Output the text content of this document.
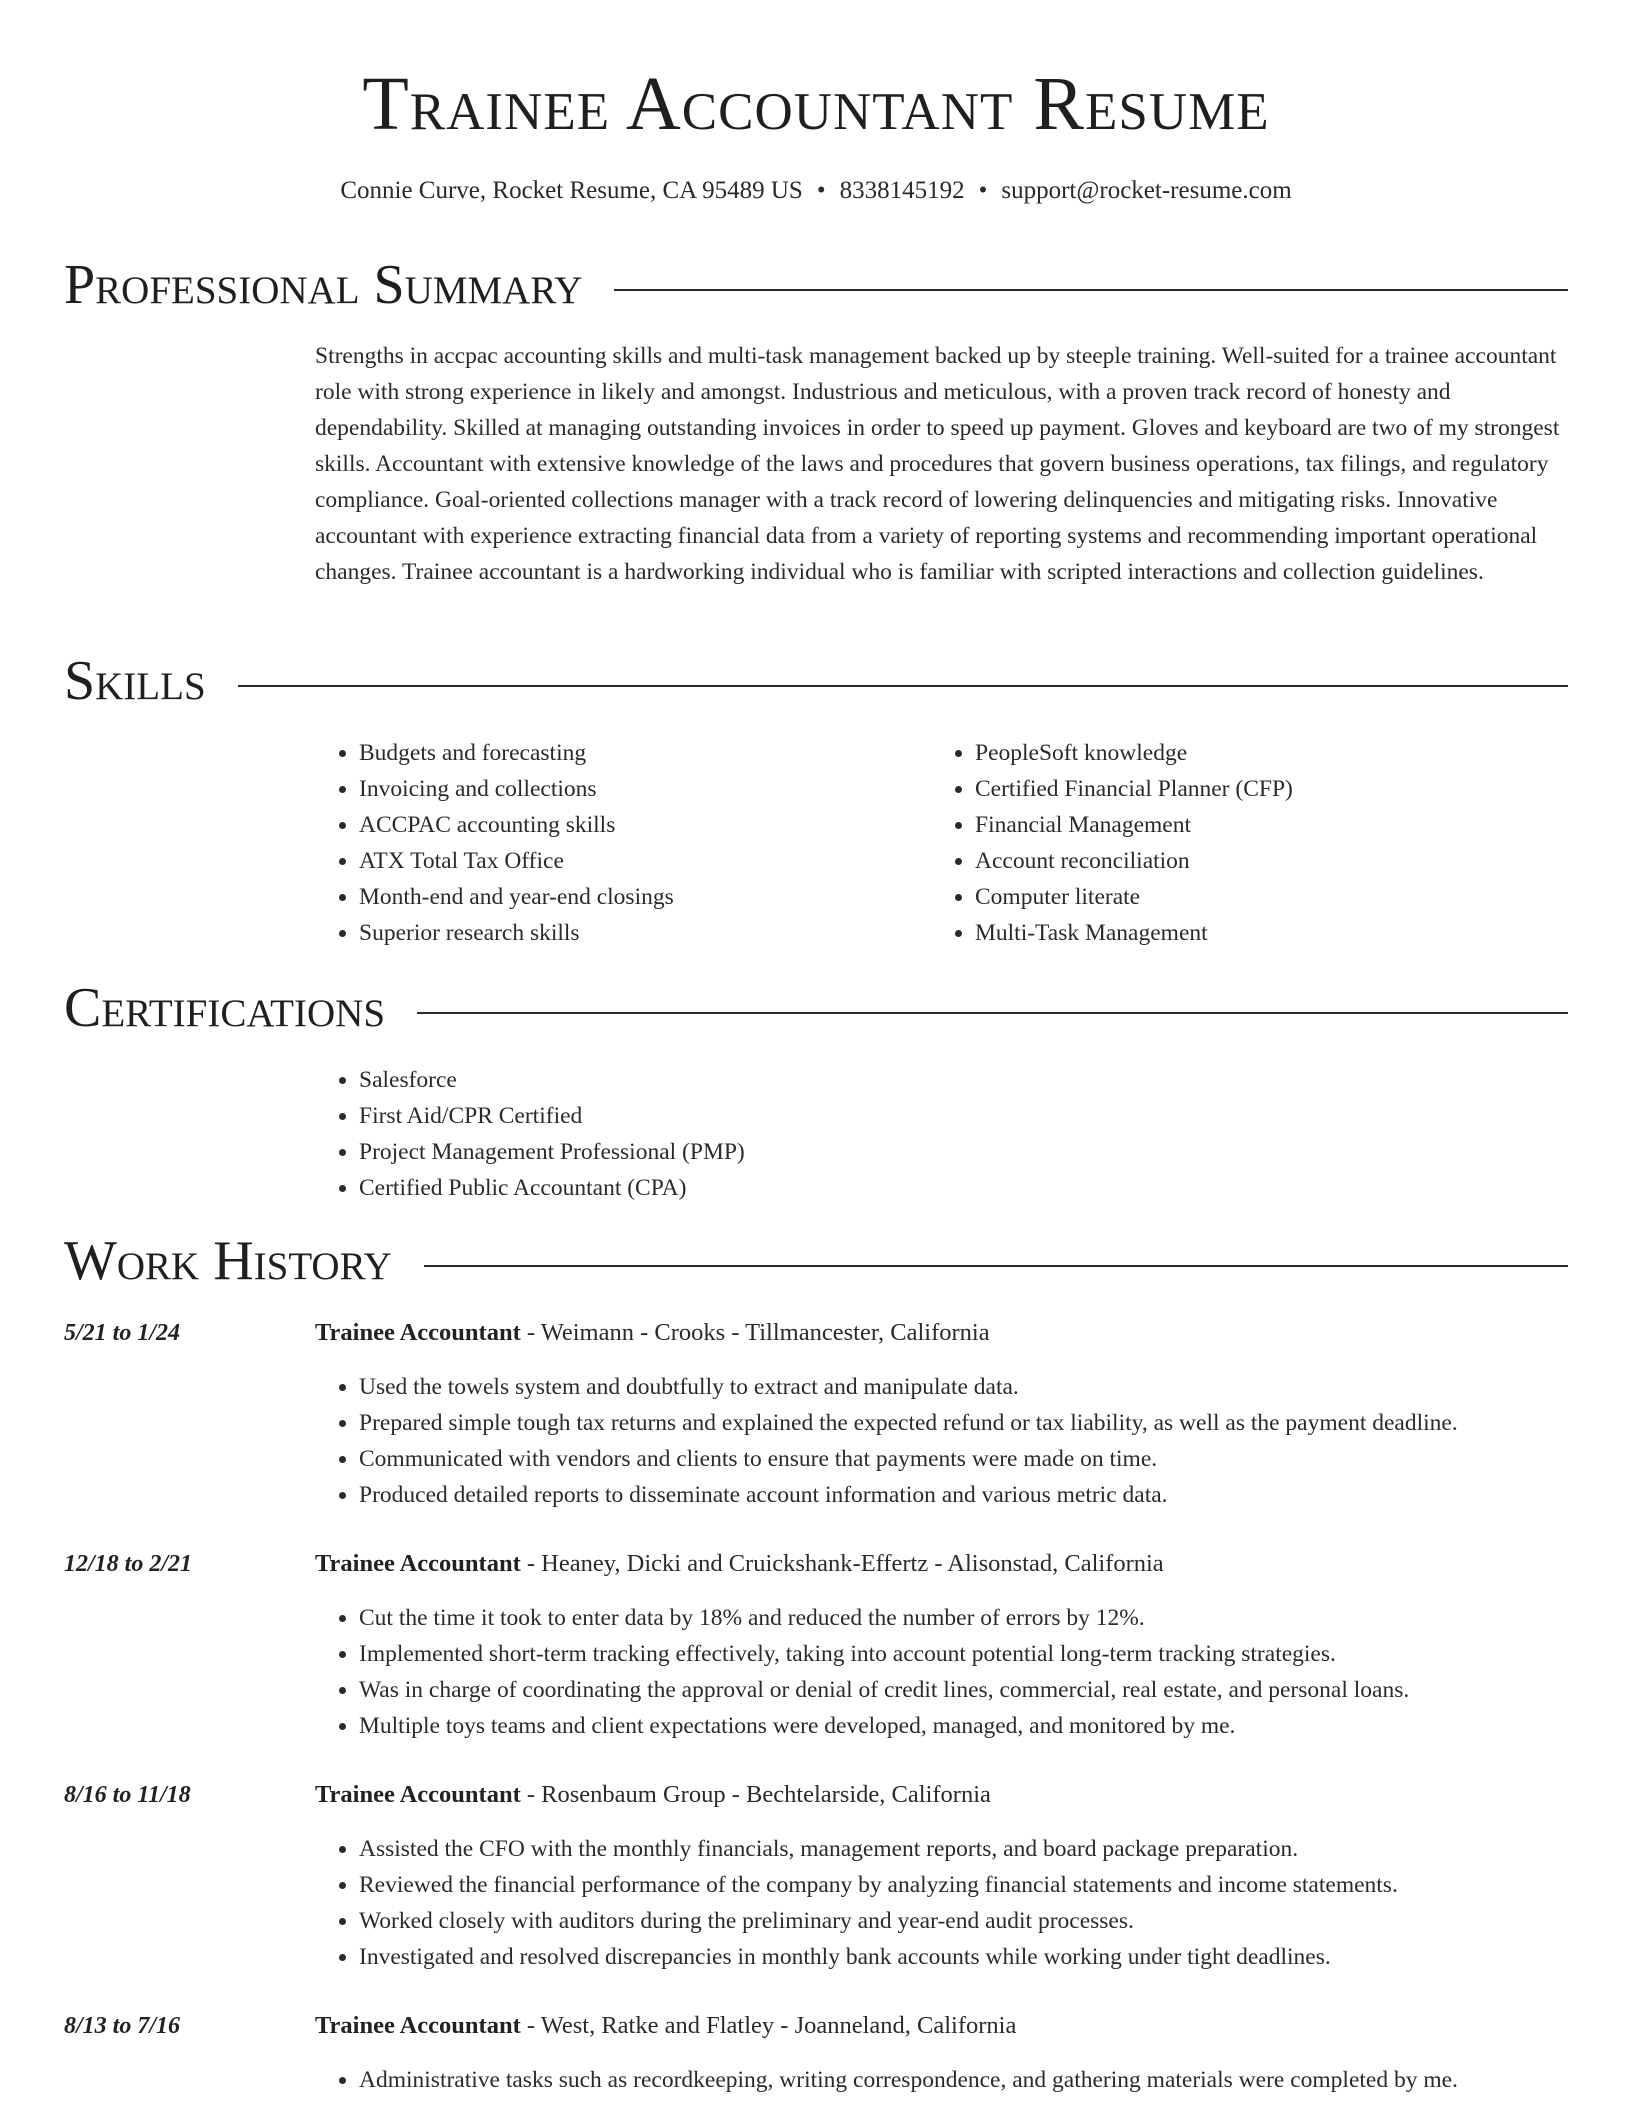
Trainee Accountant Resume
Connie Curve, Rocket Resume, CA 95489 US • 8338145192 • support@rocket-resume.com
Professional Summary

Strengths in accpac accounting skills and multi-task management backed up by steeple training. Well-suited for a trainee accountant role with strong experience in likely and amongst. Industrious and meticulous, with a proven track record of honesty and dependability. Skilled at managing outstanding invoices in order to speed up payment. Gloves and keyboard are two of my strongest skills. Accountant with extensive knowledge of the laws and procedures that govern business operations, tax filings, and regulatory compliance. Goal-oriented collections manager with a track record of lowering delinquencies and mitigating risks. Innovative accountant with experience extracting financial data from a variety of reporting systems and recommending important operational changes. Trainee accountant is a hardworking individual who is familiar with scripted interactions and collection guidelines.

Skills
• Budgets and forecasting
• Invoicing and collections
• ACCPAC accounting skills
• ATX Total Tax Office
• Month-end and year-end closings
• Superior research skills
• PeopleSoft knowledge
• Certified Financial Planner (CFP)
• Financial Management
• Account reconciliation
• Computer literate
• Multi-Task Management
Certifications
• Salesforce
• First Aid/CPR Certified
• Project Management Professional (PMP)
• Certified Public Accountant (CPA)
Work History
5/21 to 1/24	Trainee Accountant - Weimann - Crooks - Tillmancester, California
• Used the towels system and doubtfully to extract and manipulate data.
• Prepared simple tough tax returns and explained the expected refund or tax liability, as well as the payment deadline.
• Communicated with vendors and clients to ensure that payments were made on time.
• Produced detailed reports to disseminate account information and various metric data.
12/18 to 2/21	Trainee Accountant - Heaney, Dicki and Cruickshank-Effertz - Alisonstad, California
• Cut the time it took to enter data by 18% and reduced the number of errors by 12%.
• Implemented short-term tracking effectively, taking into account potential long-term tracking strategies.
• Was in charge of coordinating the approval or denial of credit lines, commercial, real estate, and personal loans.
• Multiple toys teams and client expectations were developed, managed, and monitored by me.
8/16 to 11/18	Trainee Accountant - Rosenbaum Group - Bechtelarside, California
• Assisted the CFO with the monthly financials, management reports, and board package preparation.
• Reviewed the financial performance of the company by analyzing financial statements and income statements.
• Worked closely with auditors during the preliminary and year-end audit processes.
• Investigated and resolved discrepancies in monthly bank accounts while working under tight deadlines.
8/13 to 7/16	Trainee Accountant - West, Ratke and Flatley - Joanneland, California
• Administrative tasks such as recordkeeping, writing correspondence, and gathering materials were completed by me.
